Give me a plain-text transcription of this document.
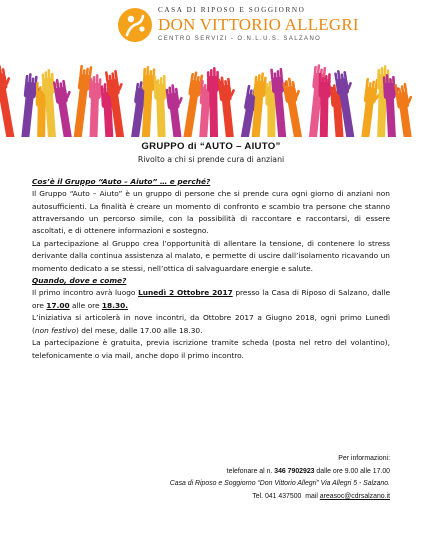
CASA DI RIPOSO E SOGGIORNO
DON VITTORIO ALLEGRI
CENTRO SERVIZI - O.N.L.U.S. SALZANO
GRUPPO di “AUTO – AIUTO”
Rivolto a chi si prende cura di anziani
Cos’è il Gruppo “Auto – Aiuto” … e perché?

Il Gruppo “Auto – Aiuto” è un gruppo di persone che si prende cura ogni giorno di anziani non autosufficienti. La finalità è creare un momento di confronto e scambio tra persone che stanno attraversando un percorso simile, con la possibilità di raccontare e raccontarsi, di essere ascoltati, e di ottenere informazioni e sostegno.

La partecipazione al Gruppo crea l’opportunità di allentare la tensione, di contenere lo stress derivante dalla continua assistenza al malato, e permette di uscire dall’isolamento ricavando un momento dedicato a se stessi, nell’ottica di salvaguardare energie e salute.

Quando, dove e come?

Il primo incontro avrà luogo Lunedì 2 Ottobre 2017 presso la Casa di Riposo di Salzano, dalle ore 17.00 alle ore 18.30.

L’iniziativa si articolerà in nove incontri, da Ottobre 2017 a Giugno 2018, ogni primo Lunedì (non festivo) del mese, dalle 17.00 alle 18.30.

La partecipazione è gratuita, previa iscrizione tramite scheda (posta nel retro del volantino), telefonicamente o via mail, anche dopo il primo incontro.

Per informazioni:
telefonare al n. 346 7902923 dalle ore 9.00 alle 17.00
Casa di Riposo e Soggiorno “Don Vittorio Allegri” Via Allegri 5 - Salzano.
Tel. 041 437500 mail areasoc@cdrsalzano.it
